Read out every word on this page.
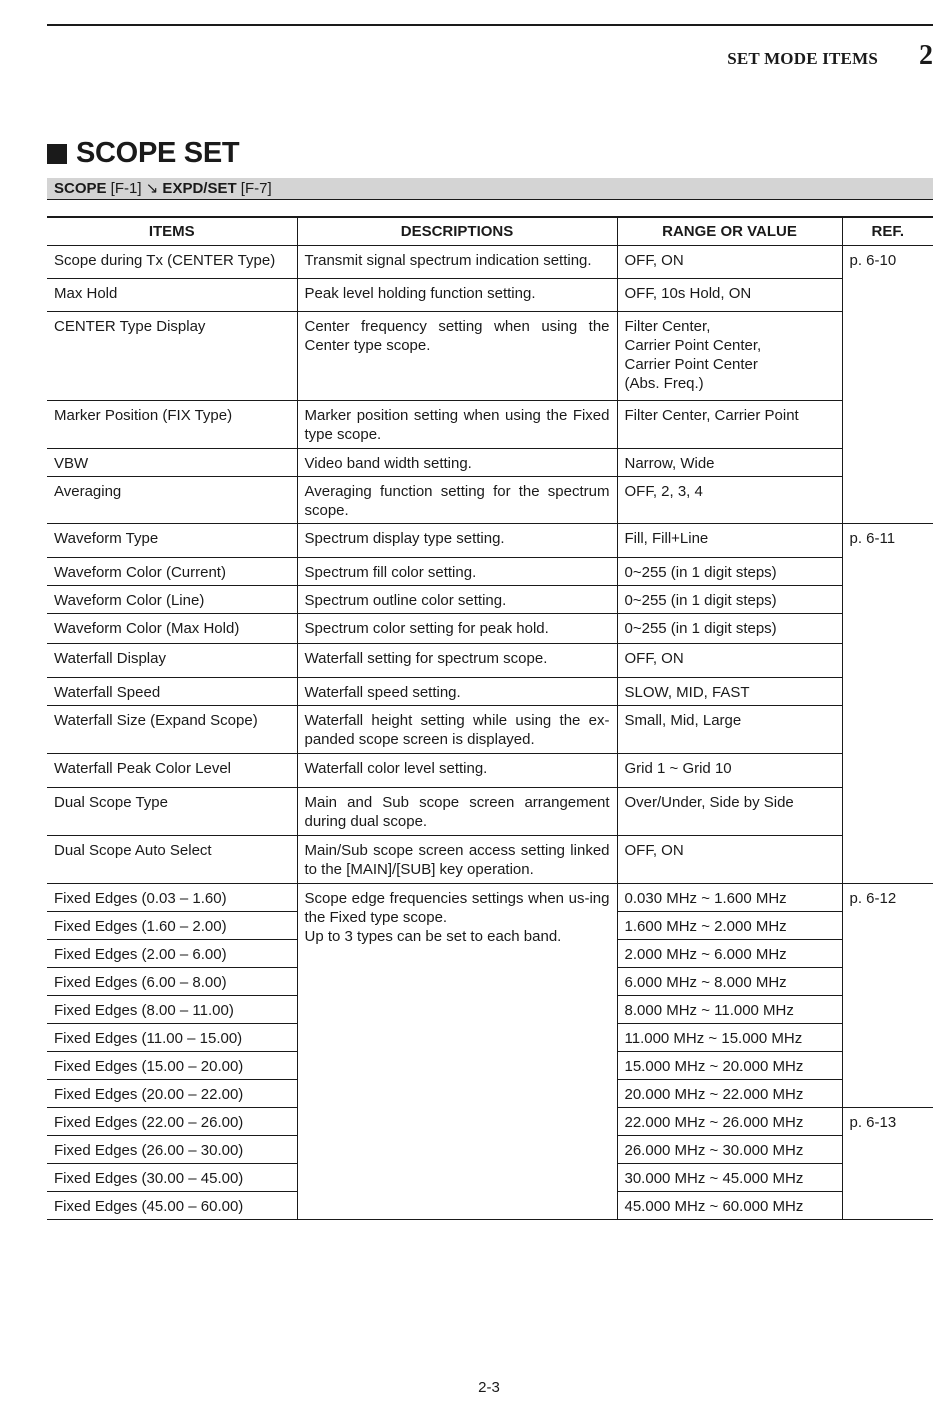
SET MODE ITEMS 2
SCOPE SET
SCOPE [F-1] ↘ EXPD/SET [F-7]
ITEMS	DESCRIPTIONS	RANGE OR VALUE	REF.
Scope during Tx (CENTER Type)	Transmit signal spectrum indication setting.	OFF, ON	p. 6-10
Max Hold	Peak level holding function setting.	OFF, 10s Hold, ON	

CENTER Type Display	Center frequency setting when using the Center type scope.	Filter Center,
Carrier Point Center,
Carrier Point Center
(Abs. Freq.)	

Marker Position (FIX Type)	Marker position setting when using the Fixed type scope.	Filter Center, Carrier Point	

VBW	Video band width setting.	Narrow, Wide	

Averaging	Averaging function setting for the spectrum scope.	OFF, 2, 3, 4	

Waveform Type	Spectrum display type setting.	Fill, Fill+Line	p. 6-11
Waveform Color (Current)	Spectrum fill color setting.	0~255 (in 1 digit steps)	

Waveform Color (Line)	Spectrum outline color setting.	0~255 (in 1 digit steps)	

Waveform Color (Max Hold)	Spectrum color setting for peak hold.	0~255 (in 1 digit steps)	

Waterfall Display	Waterfall setting for spectrum scope.	OFF, ON	

Waterfall Speed	Waterfall speed setting.	SLOW, MID, FAST	

Waterfall Size (Expand Scope)	Waterfall height setting while using the ex-panded scope screen is displayed.	Small, Mid, Large	

Waterfall Peak Color Level	Waterfall color level setting.	Grid 1 ~ Grid 10	

Dual Scope Type	Main and Sub scope screen arrangement during dual scope.	Over/Under, Side by Side	

Dual Scope Auto Select	Main/Sub scope screen access setting linked to the [MAIN]/[SUB] key operation.	OFF, ON	

Fixed Edges (0.03 – 1.60)	Scope edge frequencies settings when us-ing the Fixed type scope.
Up to 3 types can be set to each band.	0.030 MHz ~ 1.600 MHz	p. 6-12
Fixed Edges (1.60 – 2.00)		1.600 MHz ~ 2.000 MHz	

Fixed Edges (2.00 – 6.00)		2.000 MHz ~ 6.000 MHz	

Fixed Edges (6.00 – 8.00)		6.000 MHz ~ 8.000 MHz	

Fixed Edges (8.00 – 11.00)		8.000 MHz ~ 11.000 MHz	

Fixed Edges (11.00 – 15.00)		11.000 MHz ~ 15.000 MHz	

Fixed Edges (15.00 – 20.00)		15.000 MHz ~ 20.000 MHz	

Fixed Edges (20.00 – 22.00)		20.000 MHz ~ 22.000 MHz	

Fixed Edges (22.00 – 26.00)		22.000 MHz ~ 26.000 MHz	p. 6-13
Fixed Edges (26.00 – 30.00)		26.000 MHz ~ 30.000 MHz	

Fixed Edges (30.00 – 45.00)		30.000 MHz ~ 45.000 MHz	

Fixed Edges (45.00 – 60.00)		45.000 MHz ~ 60.000 MHz	
2-3
